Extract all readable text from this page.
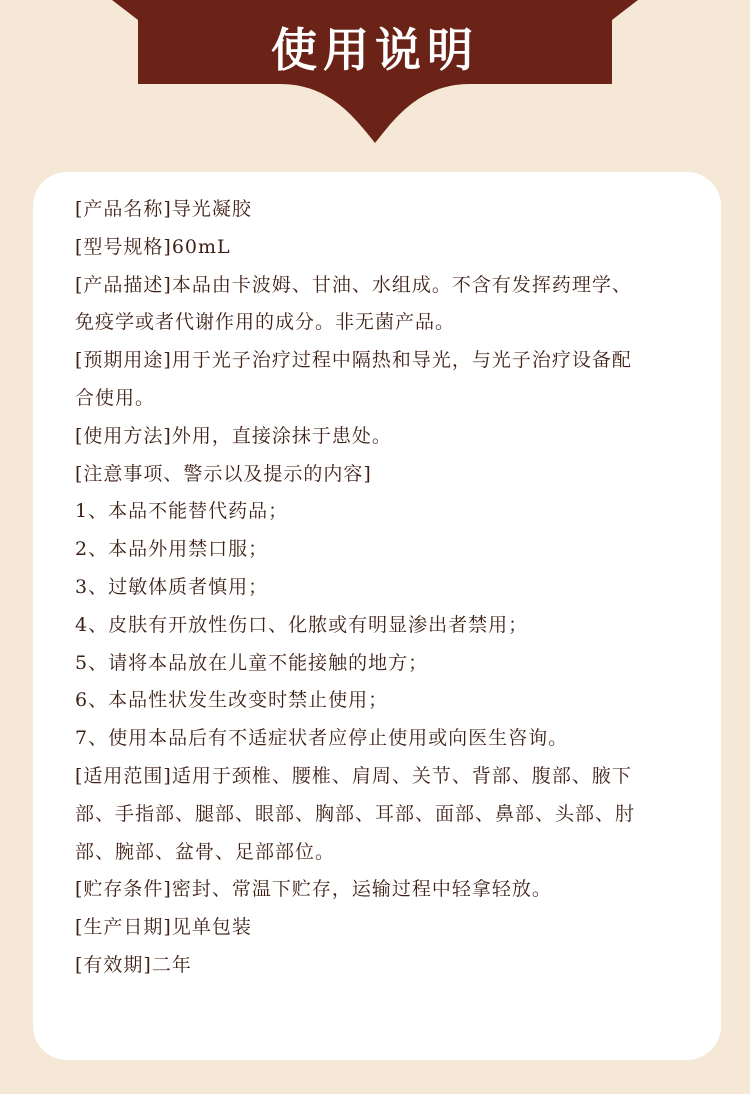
使用说明
[产品名称]导光凝胶
[型号规格]60mL
[产品描述]本品由卡波姆、甘油、水组成。不含有发挥药理学、
免疫学或者代谢作用的成分。非无菌产品。
[预期用途]用于光子治疗过程中隔热和导光，与光子治疗设备配
合使用。
[使用方法]外用，直接涂抹于患处。
[注意事项、警示以及提示的内容]
1、本品不能替代药品；
2、本品外用禁口服；
3、过敏体质者慎用；
4、皮肤有开放性伤口、化脓或有明显渗出者禁用；
5、请将本品放在儿童不能接触的地方；
6、本品性状发生改变时禁止使用；
7、使用本品后有不适症状者应停止使用或向医生咨询。
[适用范围]适用于颈椎、腰椎、肩周、关节、背部、腹部、腋下
部、手指部、腿部、眼部、胸部、耳部、面部、鼻部、头部、肘
部、腕部、盆骨、足部部位。
[贮存条件]密封、常温下贮存，运输过程中轻拿轻放。
[生产日期]见单包装
[有效期]二年
